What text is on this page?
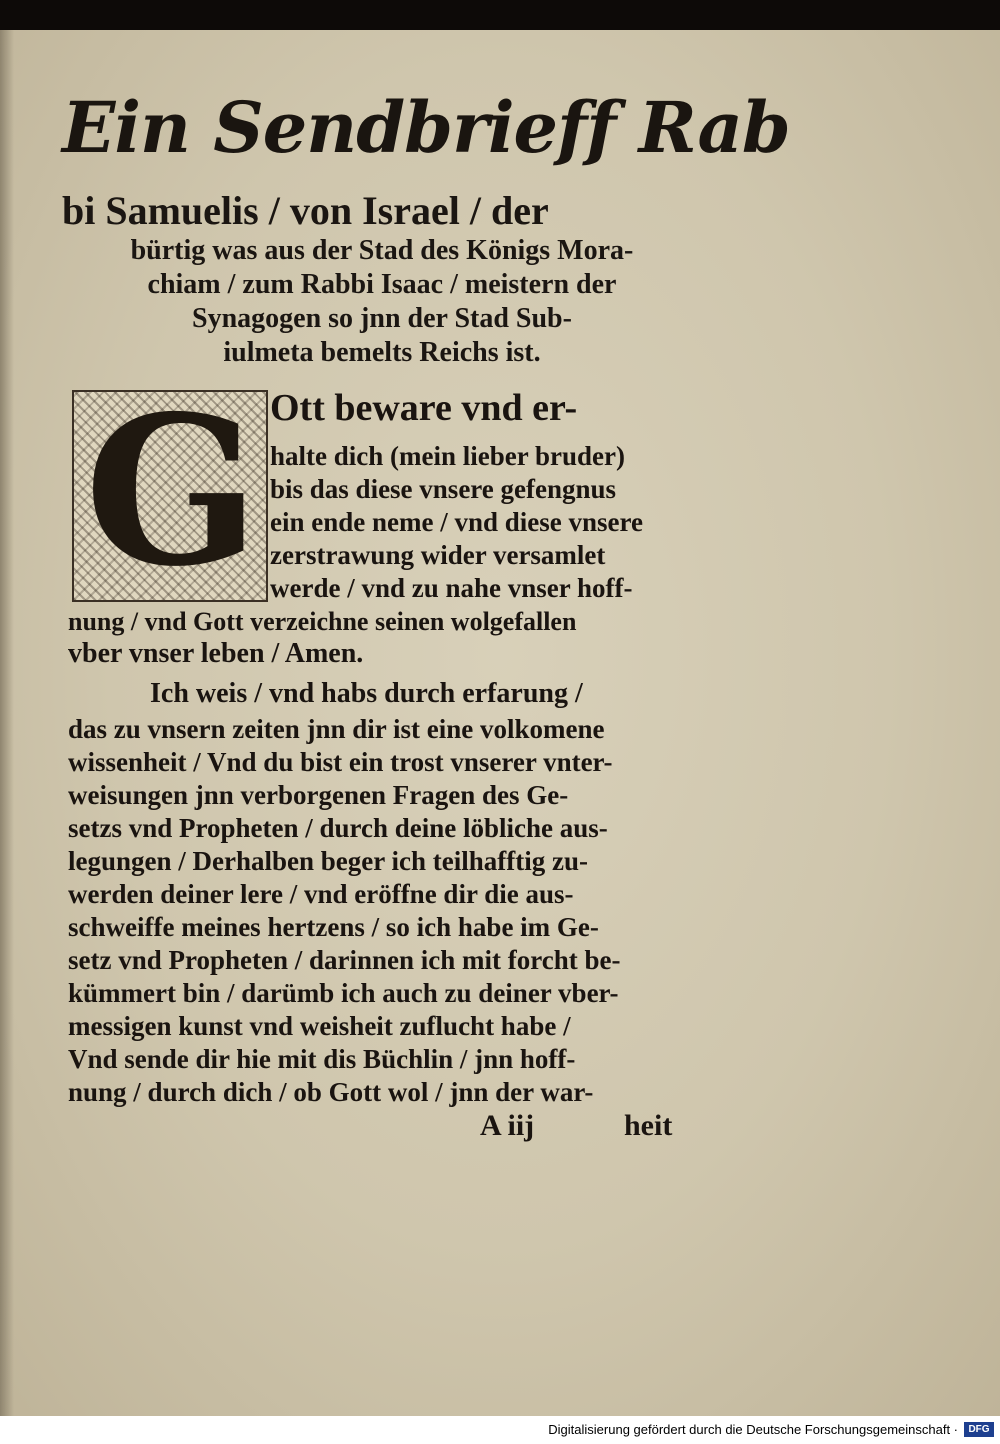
Ein Sendbrieff Rab
bi Samuelis / von Israel / der
bürtig was aus der Stad des Königs Mora-
chiam / zum Rabbi Isaac / meistern der
Synagogen so jnn der Stad Sub-
iulmeta bemelts Reichs ist.
G Ott beware vnd er-
halte dich (mein lieber bruder)
bis das diese vnsere gefengnus
ein ende neme / vnd diese vnsere
zerstrawung wider versamlet
werde / vnd zu nahe vnser hoff-
nung / vnd Gott verzeichne seinen wolgefallen
vber vnser leben / Amen.
Ich weis / vnd habs durch erfarung /
das zu vnsern zeiten jnn dir ist eine volkomene
wissenheit / Vnd du bist ein trost vnserer vnter-
weisungen jnn verborgenen Fragen des Ge-
setzs vnd Propheten / durch deine löbliche aus-
legungen / Derhalben beger ich teilhafftig zu-
werden deiner lere / vnd eröffne dir die aus-
schweiffe meines hertzens / so ich habe im Ge-
setz vnd Propheten / darinnen ich mit forcht be-
kümmert bin / darümb ich auch zu deiner vber-
messigen kunst vnd weisheit zuflucht habe /
Vnd sende dir hie mit dis Büchlin / jnn hoff-
nung / durch dich / ob Gott wol / jnn der war-
A iij	heit
Digitalisierung gefördert durch die Deutsche Forschungsgemeinschaft ·	DFG
